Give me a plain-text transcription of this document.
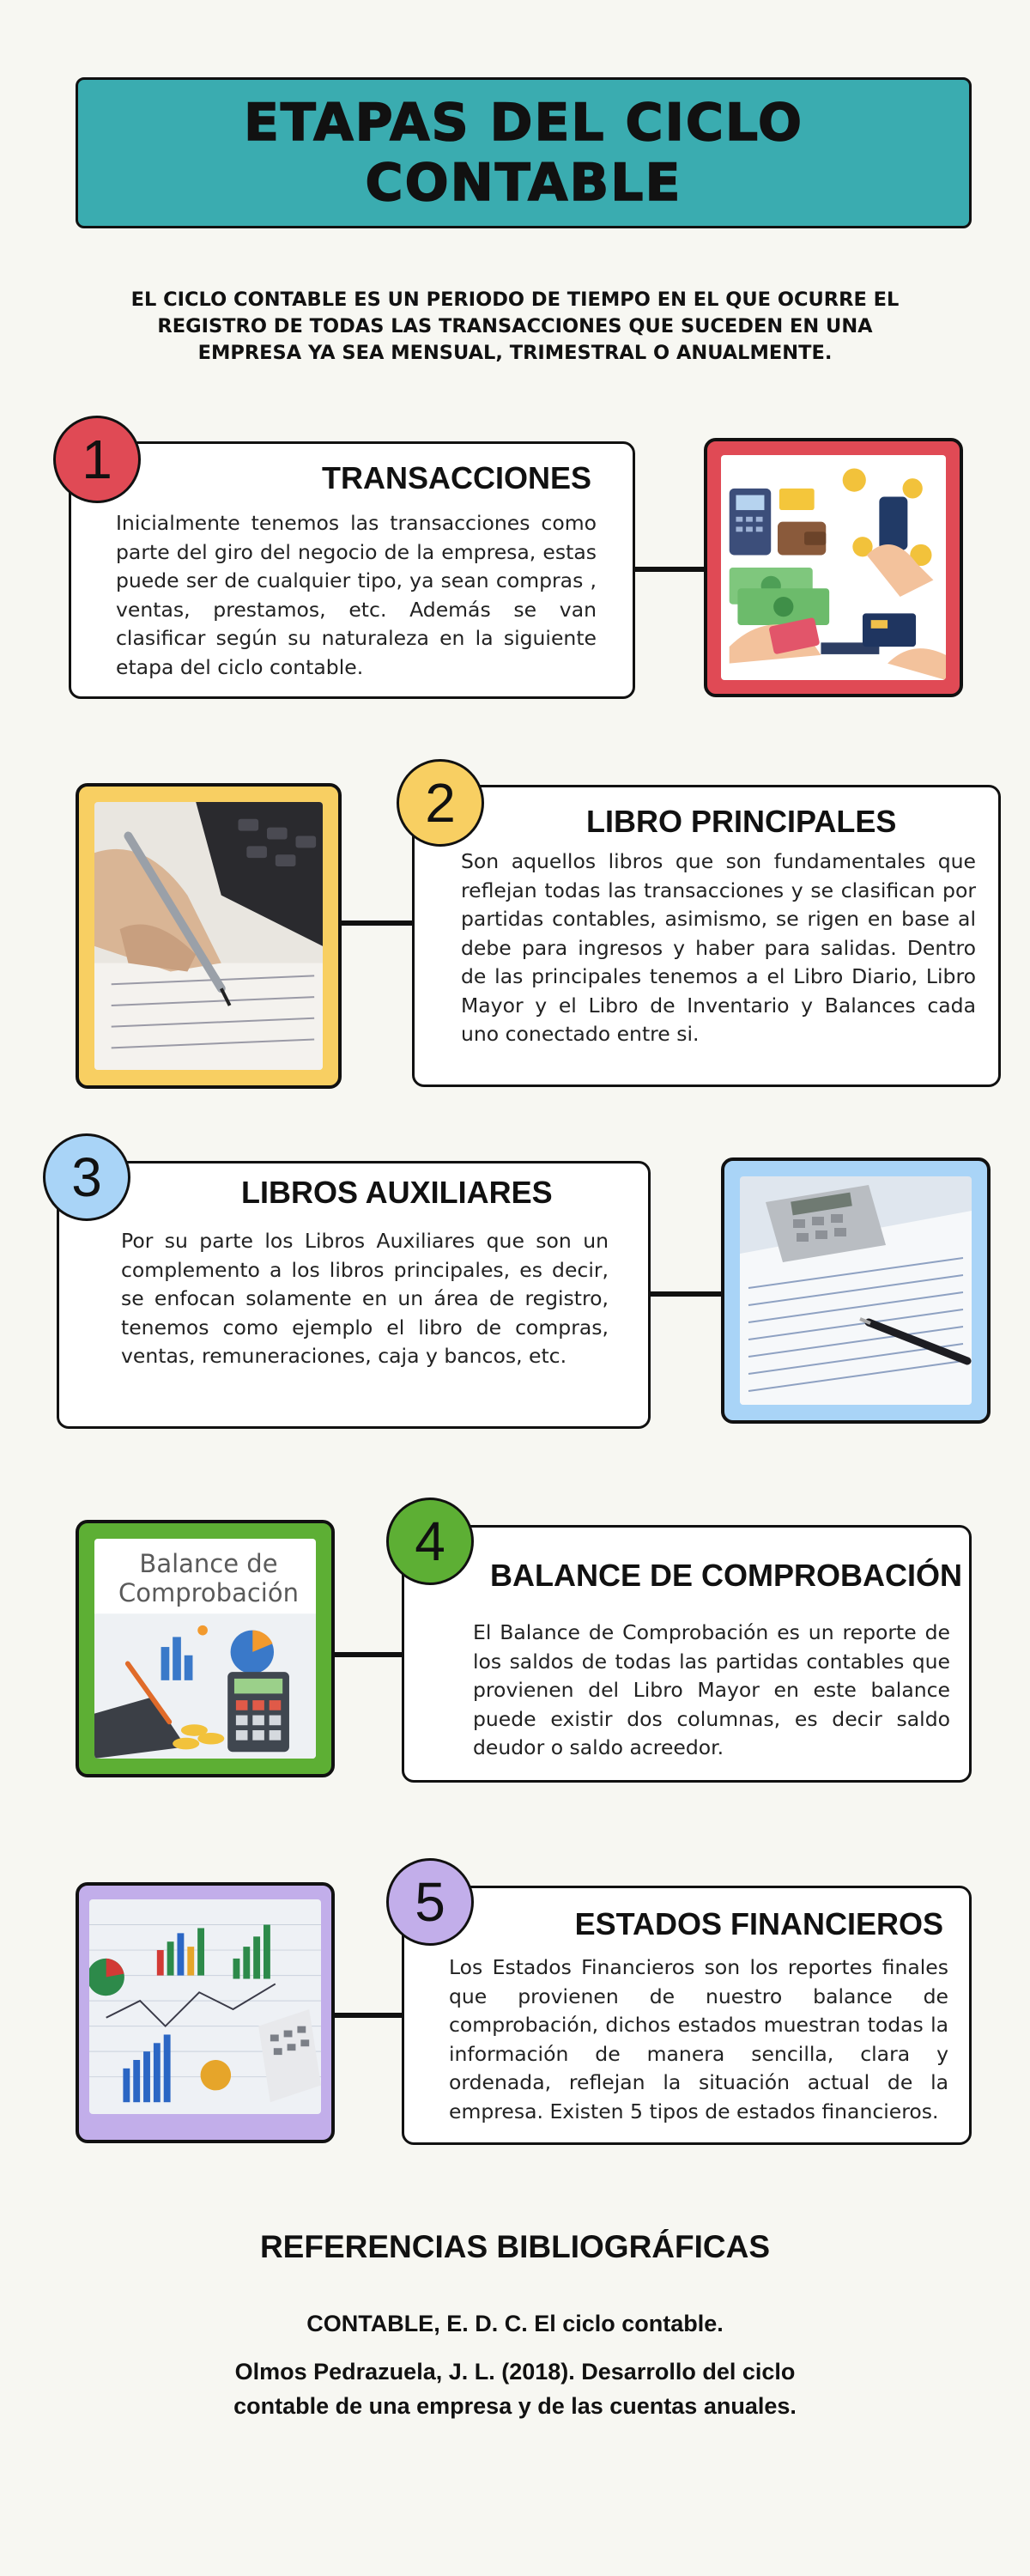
ETAPAS DEL CICLO CONTABLE
EL CICLO CONTABLE ES UN PERIODO DE TIEMPO EN EL QUE OCURRE EL REGISTRO DE TODAS LAS TRANSACCIONES QUE SUCEDEN EN UNA EMPRESA YA SEA MENSUAL, TRIMESTRAL O ANUALMENTE.
TRANSACCIONES
Inicialmente tenemos las transacciones como parte del giro del negocio de la empresa, estas puede ser de cualquier tipo, ya sean compras , ventas, prestamos, etc. Además se van clasificar según su naturaleza en la siguiente etapa del ciclo contable.
1
LIBRO PRINCIPALES
Son aquellos libros que son fundamentales que reflejan todas las transacciones y se clasifican por partidas contables, asimismo, se rigen en base al debe para ingresos y haber para salidas. Dentro de las principales tenemos a el Libro Diario, Libro Mayor y el Libro de Inventario y Balances cada uno conectado entre si.
2
LIBROS AUXILIARES
Por su parte los Libros Auxiliares que son un complemento a los libros principales, es decir, se enfocan solamente en un área de registro, tenemos como ejemplo el libro de compras, ventas, remuneraciones, caja y bancos, etc.
3
Balance de Comprobación	BALANCE DE COMPROBACIÓN
El Balance de Comprobación es un reporte de los saldos de todas las partidas contables que provienen del Libro Mayor en este balance puede existir dos columnas, es decir saldo deudor o saldo acreedor.
4
ESTADOS FINANCIEROS
Los Estados Financieros son los reportes finales que provienen de nuestro balance de comprobación, dichos estados muestran todas la información de manera sencilla, clara y ordenada, reflejan la situación actual de la empresa. Existen 5 tipos de estados financieros.
5
REFERENCIAS BIBLIOGRÁFICAS
CONTABLE, E. D. C. El ciclo contable.
Olmos Pedrazuela, J. L. (2018). Desarrollo del ciclo contable de una empresa y de las cuentas anuales.
